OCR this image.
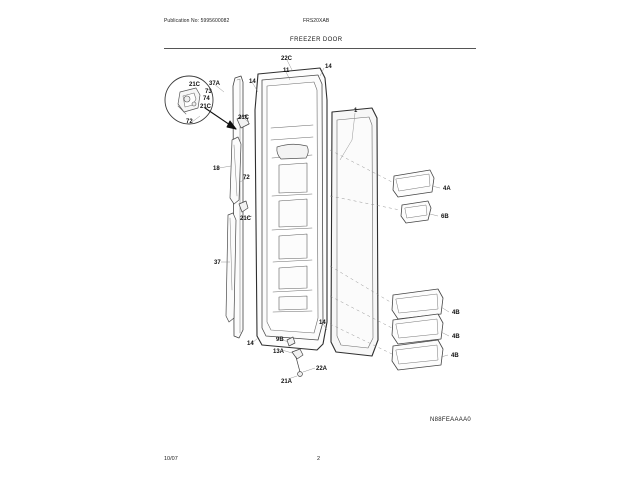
Publication No: 5995600082	FRS20XAB
FREEZER DOOR
22C
14
11
14
37A
21C
73
74
21C
1
21C
72
18
72
4A
6B
21C
37
4B
14
4B
9B
14
13A
22A
4B
21A
N88FEAAAA0
10/07	2
